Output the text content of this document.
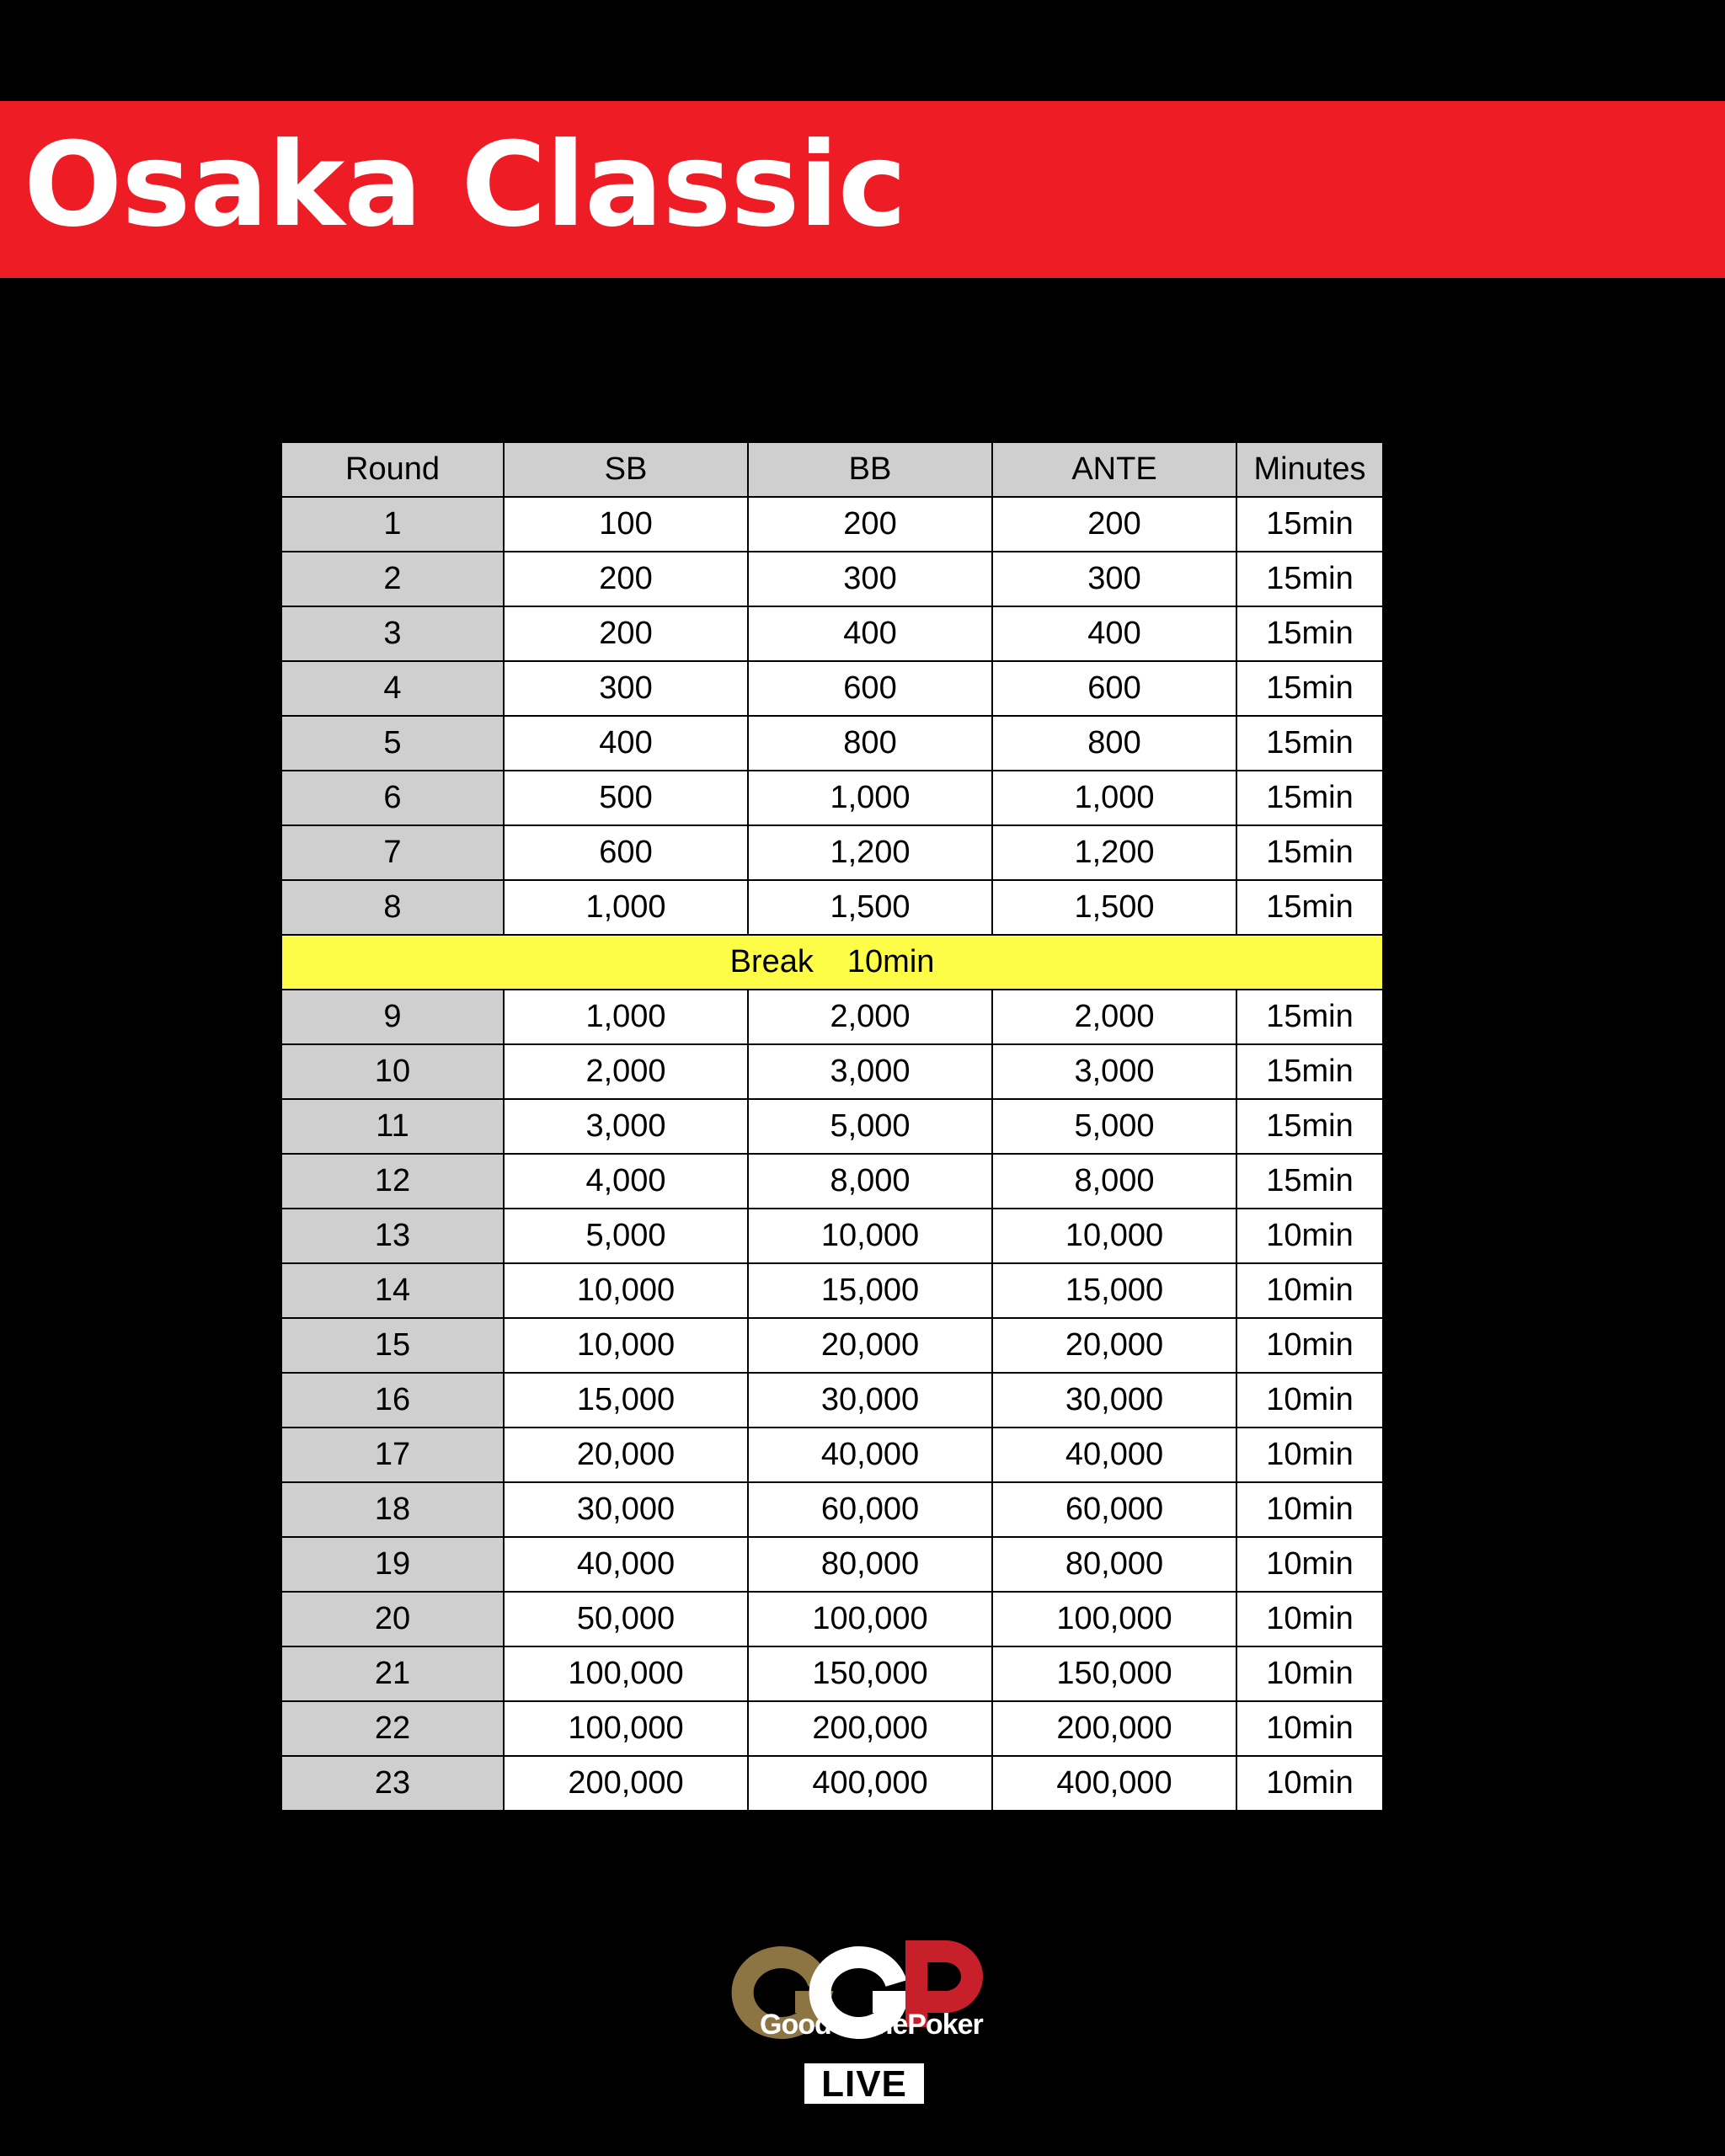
Osaka Classic
Round	SB	BB	ANTE	Minutes
1	100	200	200	15min
2	200	300	300	15min
3	200	400	400	15min
4	300	600	600	15min
5	400	800	800	15min
6	500	1,000	1,000	15min
7	600	1,200	1,200	15min
8	1,000	1,500	1,500	15min
Break 10min				
9	1,000	2,000	2,000	15min
10	2,000	3,000	3,000	15min
11	3,000	5,000	5,000	15min
12	4,000	8,000	8,000	15min
13	5,000	10,000	10,000	10min
14	10,000	15,000	15,000	10min
15	10,000	20,000	20,000	10min
16	15,000	30,000	30,000	10min
17	20,000	40,000	40,000	10min
18	30,000	60,000	60,000	10min
19	40,000	80,000	80,000	10min
20	50,000	100,000	100,000	10min
21	100,000	150,000	150,000	10min
22	100,000	200,000	200,000	10min
23	200,000	400,000	400,000	10min
GoodGamePoker
LIVE
